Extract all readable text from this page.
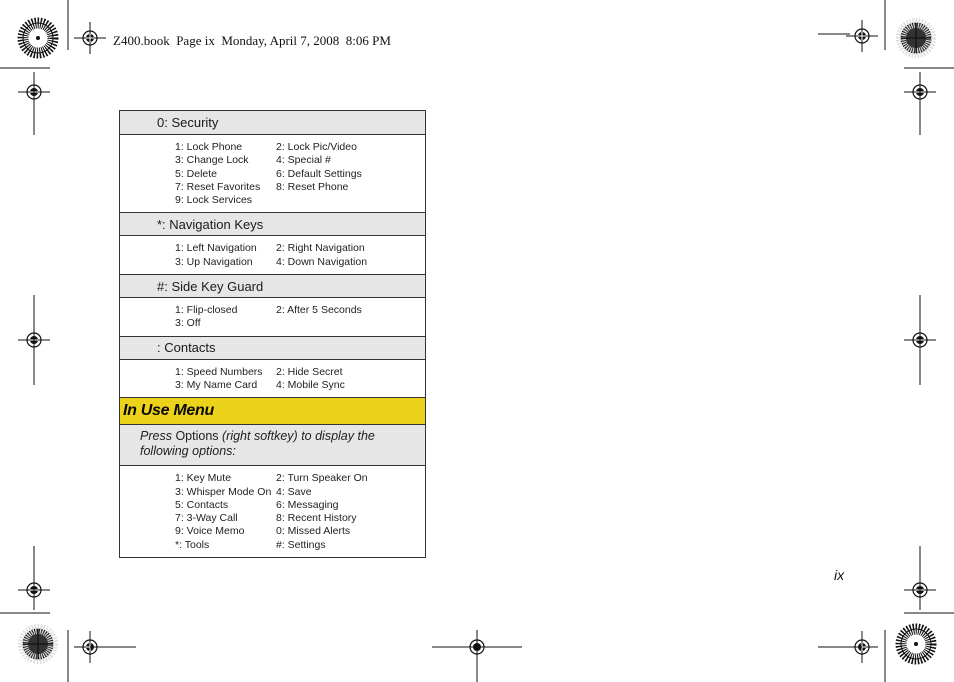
Z400.book  Page ix  Monday, April 7, 2008  8:06 PM
0: Security
1: Lock Phone	2: Lock Pic/Video
3: Change Lock	4: Special #
5: Delete	6: Default Settings
7: Reset Favorites	8: Reset Phone
9: Lock Services
*: Navigation Keys
1: Left Navigation	2: Right Navigation
3: Up Navigation	4: Down Navigation
#: Side Key Guard
1: Flip-closed	2: After 5 Seconds
3: Off
: Contacts
1: Speed Numbers	2: Hide Secret
3: My Name Card	4: Mobile Sync
In Use Menu
Press Options (right softkey) to display the following options:
1: Key Mute	2: Turn Speaker On
3: Whisper Mode On 4: Save
5: Contacts	6: Messaging
7: 3-Way Call	8: Recent History
9: Voice Memo	0: Missed Alerts
*: Tools	#: Settings
ix
